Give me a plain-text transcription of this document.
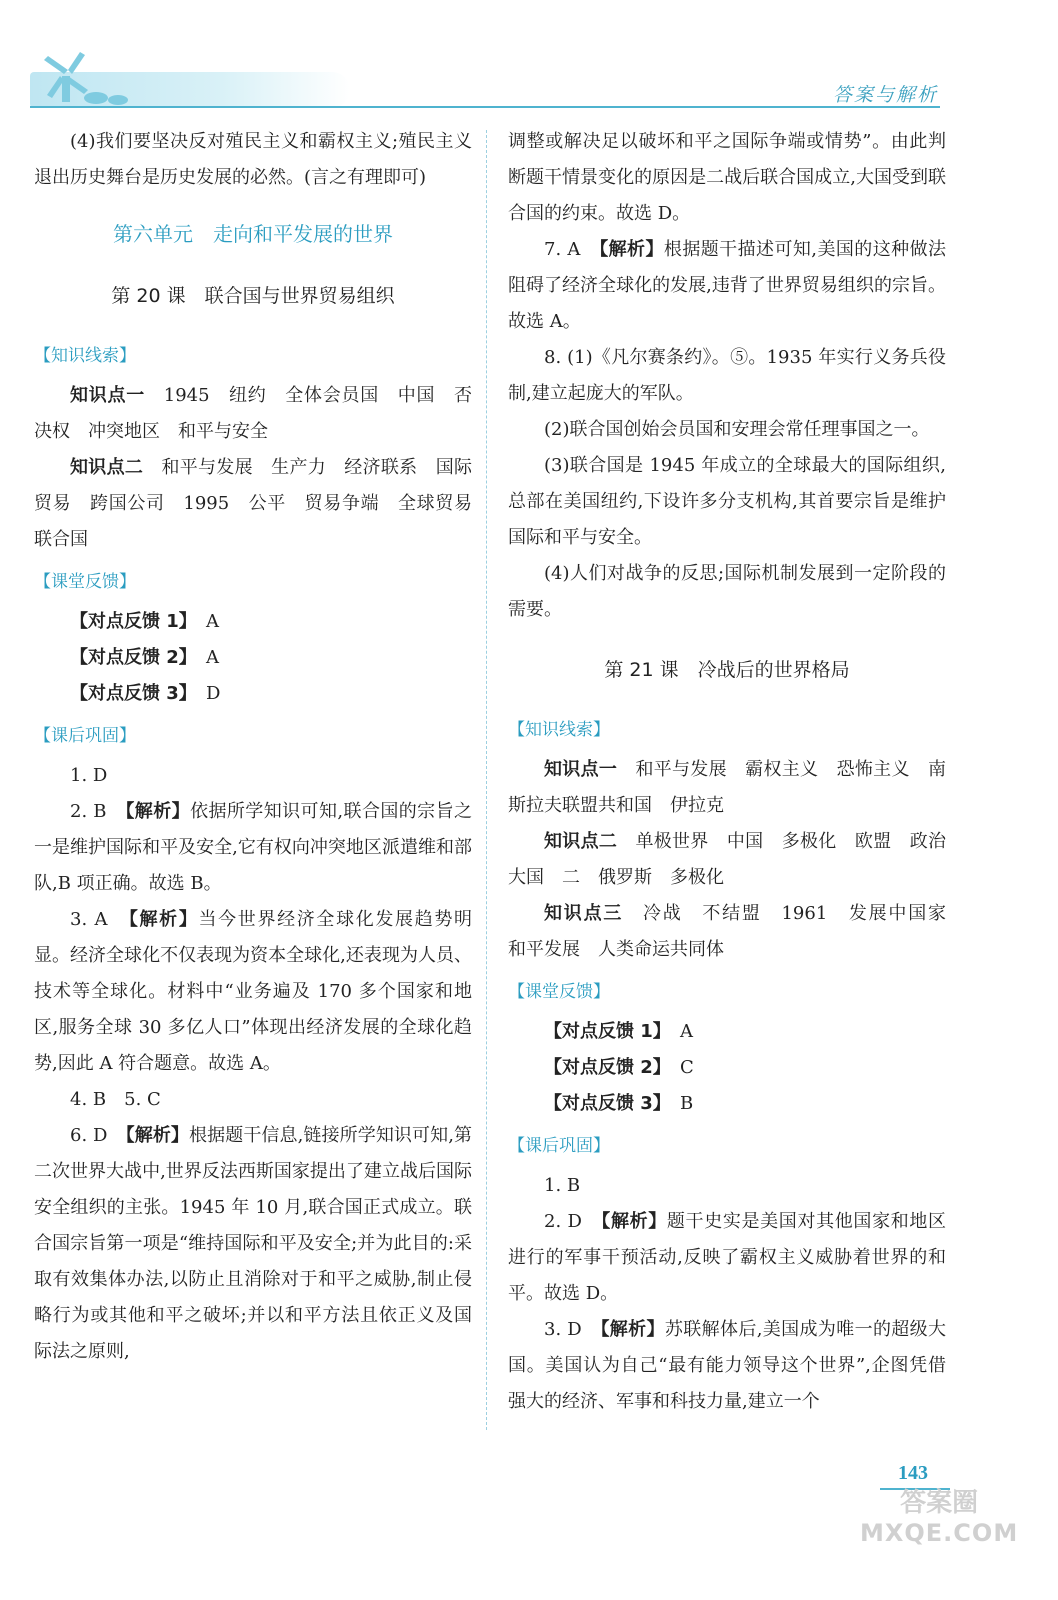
答案与解析

(4)我们要坚决反对殖民主义和霸权主义;殖民主义退出历史舞台是历史发展的必然。(言之有理即可)

第六单元　走向和平发展的世界
第 20 课　联合国与世界贸易组织
【知识线索】

知识点一　 1945　纽约　全体会员国　中国　否决权　冲突地区　和平与安全

知识点二　 和平与发展　生产力　经济联系　国际贸易　跨国公司　1995　公平　贸易争端　全球贸易　联合国

【课堂反馈】
【对点反馈 1】 A
【对点反馈 2】 A
【对点反馈 3】 D
【课后巩固】

1. D

2. B　 【解析】依据所学知识可知,联合国的宗旨之一是维护国际和平及安全,它有权向冲突地区派遣维和部队,B 项正确。故选 B。

3. A　 【解析】当今世界经济全球化发展趋势明显。经济全球化不仅表现为资本全球化,还表现为人员、技术等全球化。材料中“业务遍及 170 多个国家和地区,服务全球 30 多亿人口”体现出经济发展的全球化趋势,因此 A 符合题意。故选 A。

4. B　5. C

6. D　 【解析】根据题干信息,链接所学知识可知,第二次世界大战中,世界反法西斯国家提出了建立战后国际安全组织的主张。1945 年 10 月,联合国正式成立。联合国宗旨第一项是“维持国际和平及安全;并为此目的:采取有效集体办法,以防止且消除对于和平之威胁,制止侵略行为或其他和平之破坏;并以和平方法且依正义及国际法之原则,

调整或解决足以破坏和平之国际争端或情势”。由此判断题干情景变化的原因是二战后联合国成立,大国受到联合国的约束。故选 D。

7. A　 【解析】根据题干描述可知,美国的这种做法阻碍了经济全球化的发展,违背了世界贸易组织的宗旨。故选 A。

8. (1)《凡尔赛条约》。⑤。1935 年实行义务兵役制,建立起庞大的军队。

(2)联合国创始会员国和安理会常任理事国之一。

(3)联合国是 1945 年成立的全球最大的国际组织,总部在美国纽约,下设许多分支机构,其首要宗旨是维护国际和平与安全。

(4)人们对战争的反思;国际机制发展到一定阶段的需要。

第 21 课　冷战后的世界格局
【知识线索】

知识点一　 和平与发展　霸权主义　恐怖主义　南斯拉夫联盟共和国　伊拉克

知识点二　 单极世界　中国　多极化　欧盟　政治大国　二　俄罗斯　多极化

知识点三　 冷战　不结盟　1961　发展中国家　和平发展　人类命运共同体

【课堂反馈】
【对点反馈 1】 A
【对点反馈 2】 C
【对点反馈 3】 B
【课后巩固】

1. B

2. D　 【解析】题干史实是美国对其他国家和地区进行的军事干预活动,反映了霸权主义威胁着世界的和平。故选 D。

3. D　 【解析】苏联解体后,美国成为唯一的超级大国。美国认为自己“最有能力领导这个世界”,企图凭借强大的经济、军事和科技力量,建立一个

143
答案圈
MXQE.COM
